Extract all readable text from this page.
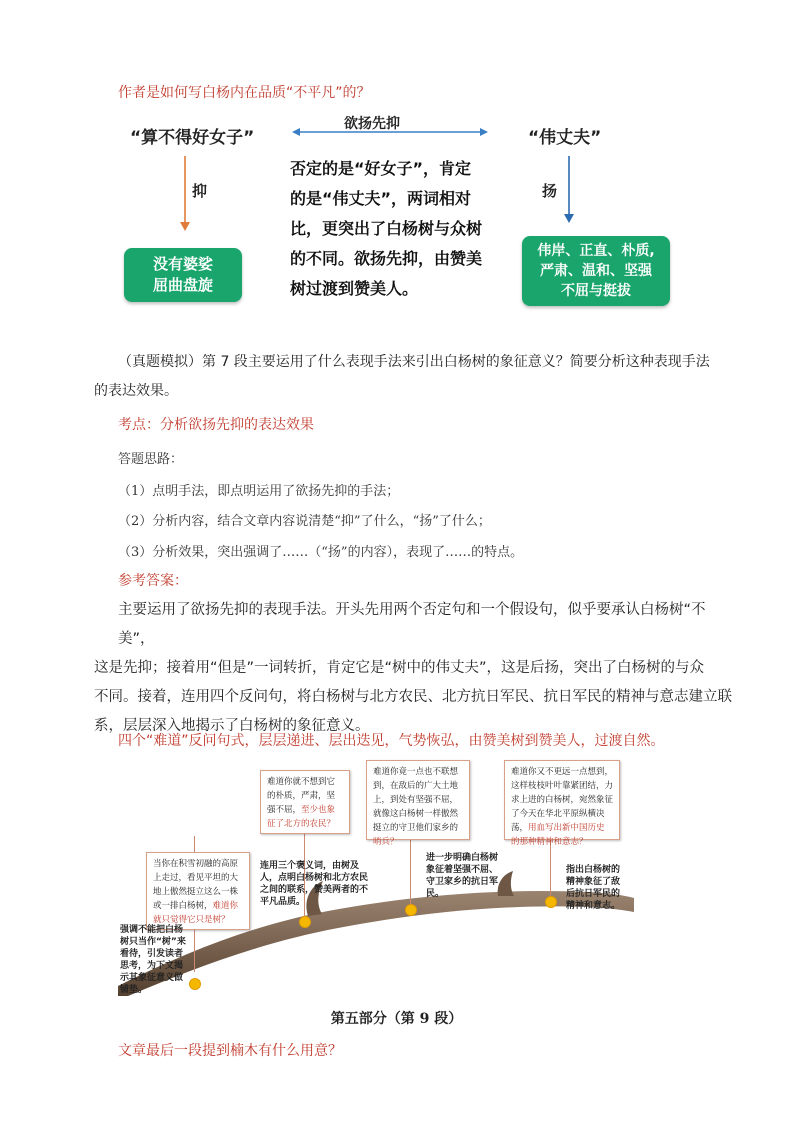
作者是如何写白杨内在品质“不平凡”的？
“算不得好女子”	“伟丈夫”
欲扬先抑
抑	扬
没有婆娑
屈曲盘旋
伟岸、正直、朴质,
严肃、温和、坚强
不屈与挺拔
否定的是“好女子”，肯定
的是“伟丈夫”，两词相对
比，更突出了白杨树与众树
的不同。欲扬先抑，由赞美
树过渡到赞美人。
（真题模拟）第 7 段主要运用了什么表现手法来引出白杨树的象征意义？简要分析这种表现手法
的表达效果。
考点：分析欲扬先抑的表达效果
答题思路：
（1）点明手法，即点明运用了欲扬先抑的手法；
（2）分析内容，结合文章内容说清楚“抑”了什么，“扬”了什么；
（3）分析效果，突出强调了……（“扬”的内容），表现了……的特点。
参考答案：
主要运用了欲扬先抑的表现手法。开头先用两个否定句和一个假设句，似乎要承认白杨树“不美”，
这是先抑；接着用“但是”一词转折，肯定它是“树中的伟丈夫”，这是后扬，突出了白杨树的与众
不同。接着，连用四个反问句，将白杨树与北方农民、北方抗日军民、抗日军民的精神与意志建立联
系，层层深入地揭示了白杨树的象征意义。
四个“难道”反问句式，层层递进、层出迭见，气势恢弘，由赞美树到赞美人，过渡自然。
当你在积雪初融的高原上走过，看见平坦的大地上傲然挺立这么一株或一排白杨树，难道你就只觉得它只是树？
难道你就不想到它的朴质，严肃，坚强不屈，至少也象征了北方的农民？
难道你竟一点也不联想到，在敌后的广大土地上，到处有坚强不屈，就像这白杨树一样傲然挺立的守卫他们家乡的哨兵？
难道你又不更远一点想到，这样枝枝叶叶靠紧团结，力求上进的白杨树，宛然象征了今天在华北平原纵横决荡，用血写出新中国历史的那种精神和意志？
强调不能把白杨树只当作“树”来看待，引发读者思考，为下文揭示其象征意义做铺垫。
连用三个褒义词，由树及人，点明白杨树和北方农民之间的联系，赞美两者的不平凡品质。
进一步明确白杨树象征着坚强不屈、守卫家乡的抗日军民。
指出白杨树的精神象征了敌后抗日军民的精神和意志。
第五部分（第 9 段）
文章最后一段提到楠木有什么用意？
